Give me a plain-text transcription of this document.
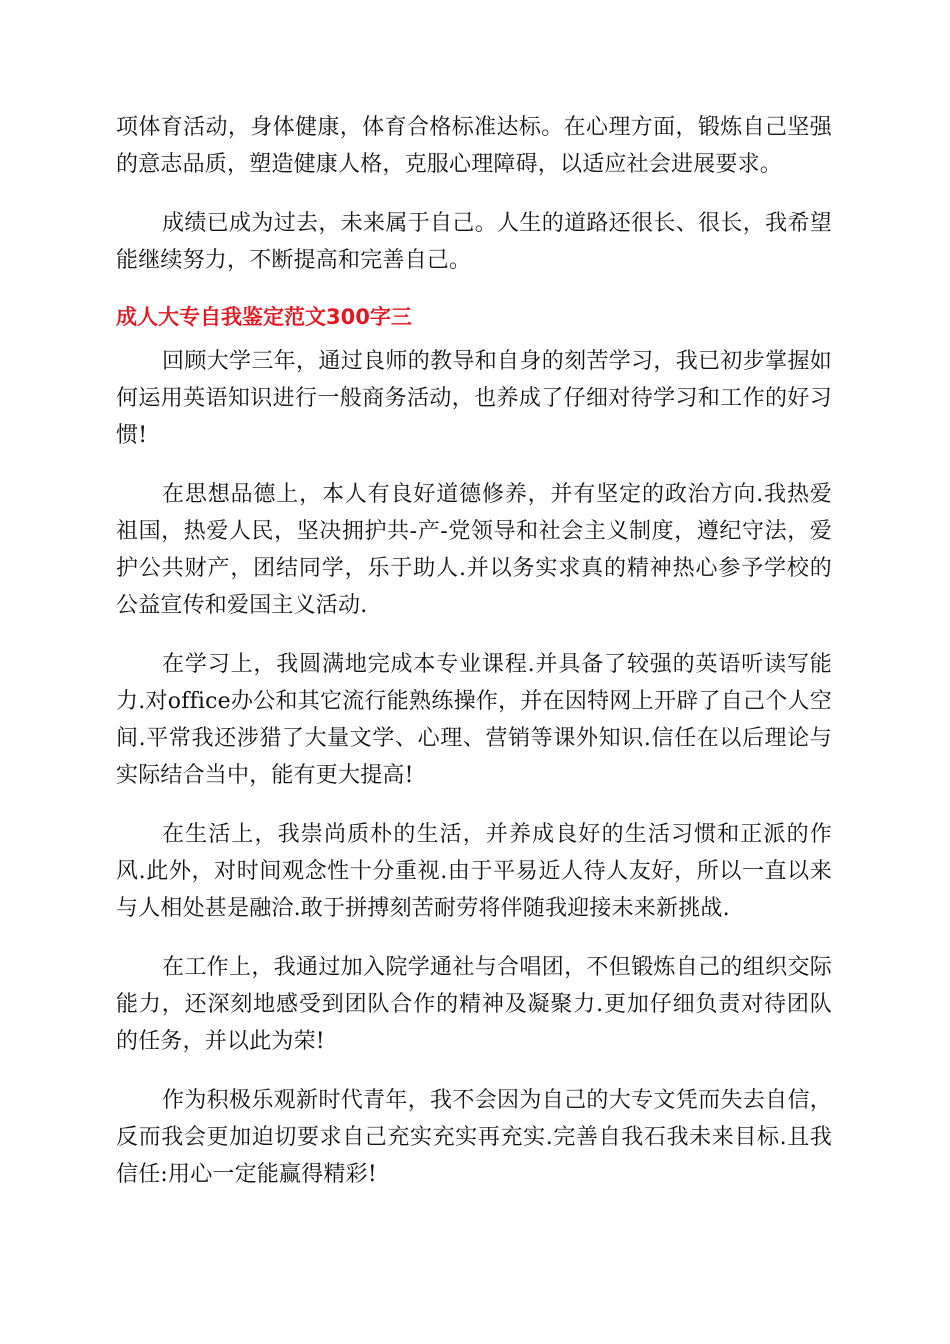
项体育活动，身体健康，体育合格标准达标。在心理方面，锻炼自己坚强的意志品质，塑造健康人格，克服心理障碍，以适应社会进展要求。

成绩已成为过去，未来属于自己。人生的道路还很长、很长，我希望能继续努力，不断提高和完善自己。

成人大专自我鉴定范文300字三

回顾大学三年，通过良师的教导和自身的刻苦学习，我已初步掌握如何运用英语知识进行一般商务活动，也养成了仔细对待学习和工作的好习惯!

在思想品德上，本人有良好道德修养，并有坚定的政治方向.我热爱祖国，热爱人民，坚决拥护共-产-党领导和社会主义制度，遵纪守法，爱护公共财产，团结同学，乐于助人.并以务实求真的精神热心参予学校的公益宣传和爱国主义活动.

在学习上，我圆满地完成本专业课程.并具备了较强的英语听读写能力.对office办公和其它流行能熟练操作，并在因特网上开辟了自己个人空间.平常我还涉猎了大量文学、心理、营销等课外知识.信任在以后理论与实际结合当中，能有更大提高!

在生活上，我崇尚质朴的生活，并养成良好的生活习惯和正派的作风.此外，对时间观念性十分重视.由于平易近人待人友好，所以一直以来与人相处甚是融洽.敢于拼搏刻苦耐劳将伴随我迎接未来新挑战.

在工作上，我通过加入院学通社与合唱团，不但锻炼自己的组织交际能力，还深刻地感受到团队合作的精神及凝聚力.更加仔细负责对待团队的任务，并以此为荣!

作为积极乐观新时代青年，我不会因为自己的大专文凭而失去自信，反而我会更加迫切要求自己充实充实再充实.完善自我石我未来目标.且我信任:用心一定能赢得精彩!
